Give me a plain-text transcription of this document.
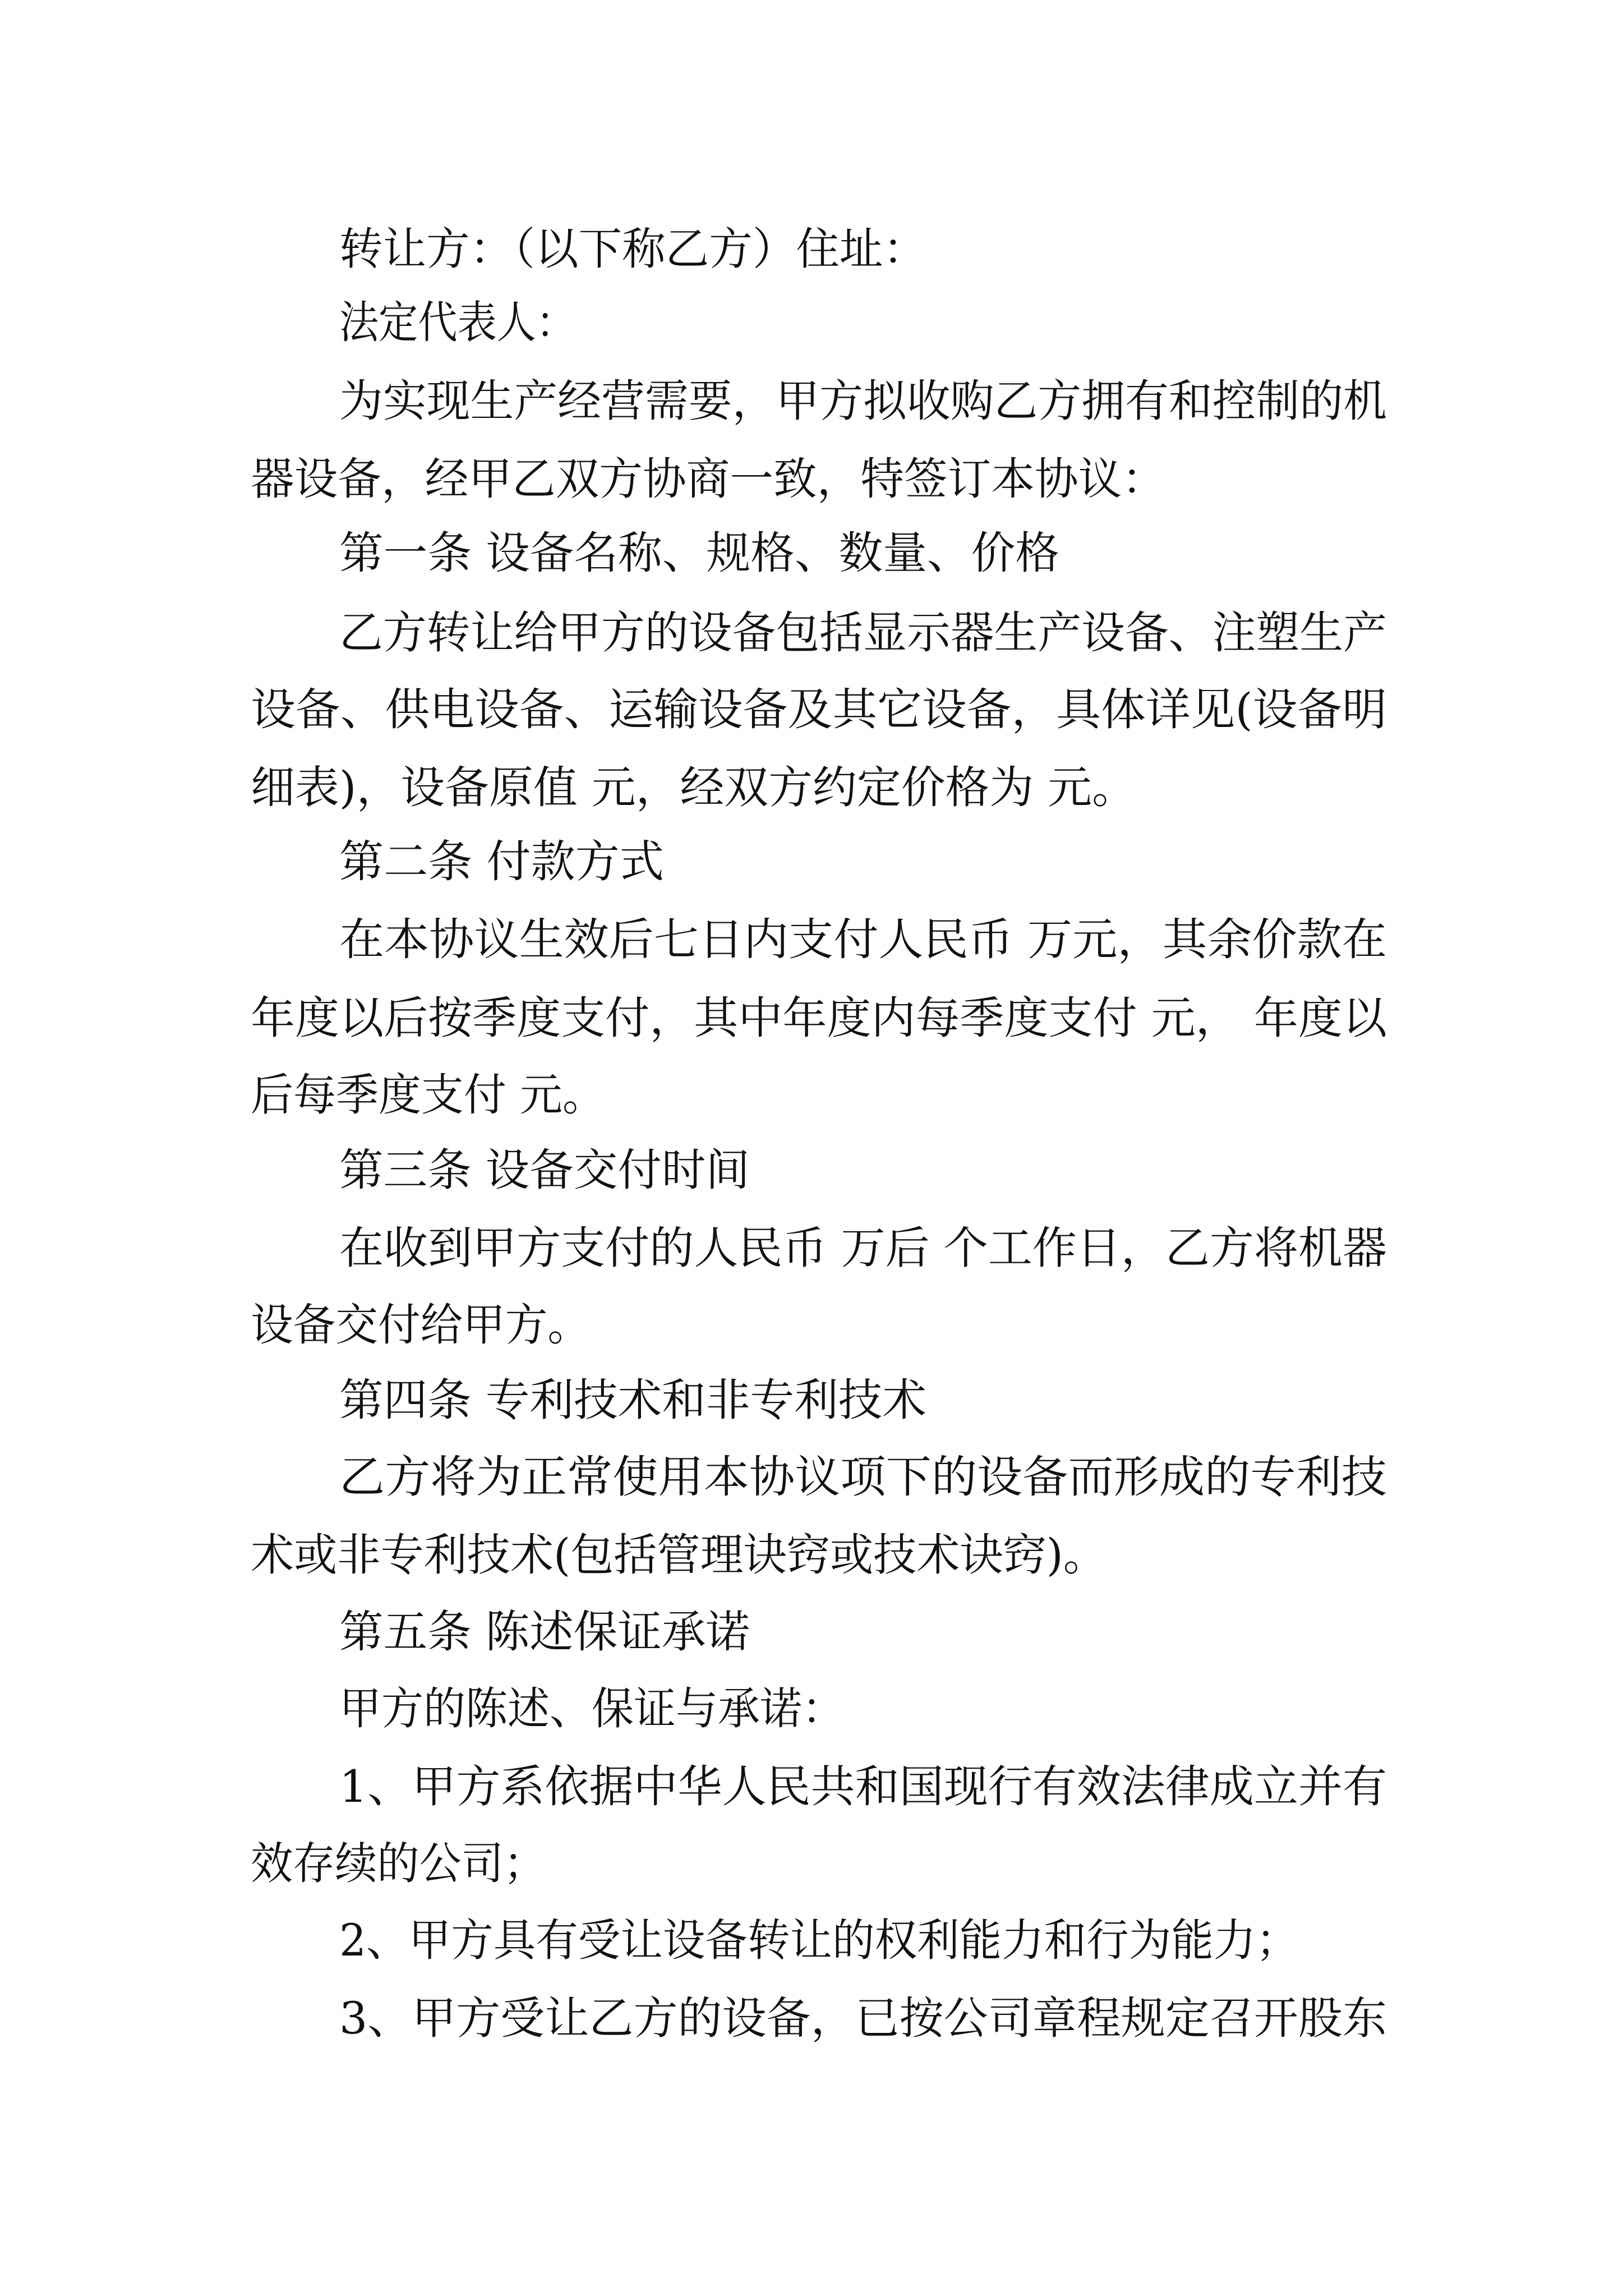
转让方：（以下称乙方）住址：
法定代表人：
为实现生产经营需要，甲方拟收购乙方拥有和控制的机
器设备，经甲乙双方协商一致，特签订本协议：
第一条 设备名称、规格、数量、价格
乙方转让给甲方的设备包括显示器生产设备、注塑生产
设备、供电设备、运输设备及其它设备，具体详见(设备明
细表)，设备原值 元，经双方约定价格为 元。
第二条 付款方式
在本协议生效后七日内支付人民币 万元，其余价款在
年度以后按季度支付，其中年度内每季度支付 元， 年度以
后每季度支付 元。
第三条 设备交付时间
在收到甲方支付的人民币 万后 个工作日，乙方将机器
设备交付给甲方。
第四条 专利技术和非专利技术
乙方将为正常使用本协议项下的设备而形成的专利技
术或非专利技术(包括管理诀窍或技术诀窍)。
第五条 陈述保证承诺
甲方的陈述、保证与承诺：
1、甲方系依据中华人民共和国现行有效法律成立并有
效存续的公司；
2、甲方具有受让设备转让的权利能力和行为能力；
3、甲方受让乙方的设备，已按公司章程规定召开股东
